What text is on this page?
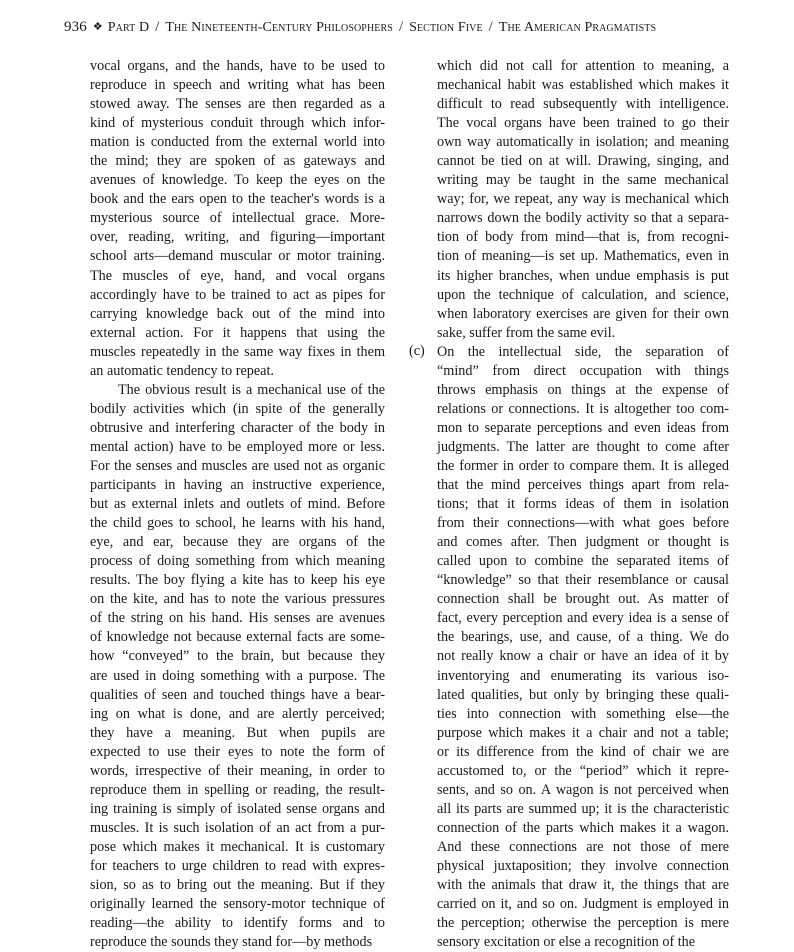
936 ❖ Part D / The Nineteenth-Century Philosophers / Section Five / The American Pragmatists
vocal organs, and the hands, have to be used to
reproduce in speech and writing what has been
stowed away. The senses are then regarded as a
kind of mysterious conduit through which infor-
mation is conducted from the external world into
the mind; they are spoken of as gateways and
avenues of knowledge. To keep the eyes on the
book and the ears open to the teacher's words is a
mysterious source of intellectual grace. More-
over, reading, writing, and figuring—important
school arts—demand muscular or motor training.
The muscles of eye, hand, and vocal organs
accordingly have to be trained to act as pipes for
carrying knowledge back out of the mind into
external action. For it happens that using the
muscles repeatedly in the same way fixes in them
an automatic tendency to repeat.
The obvious result is a mechanical use of the
bodily activities which (in spite of the generally
obtrusive and interfering character of the body in
mental action) have to be employed more or less.
For the senses and muscles are used not as organic
participants in having an instructive experience,
but as external inlets and outlets of mind. Before
the child goes to school, he learns with his hand,
eye, and ear, because they are organs of the
process of doing something from which meaning
results. The boy flying a kite has to keep his eye
on the kite, and has to note the various pressures
of the string on his hand. His senses are avenues
of knowledge not because external facts are some-
how “conveyed” to the brain, but because they
are used in doing something with a purpose. The
qualities of seen and touched things have a bear-
ing on what is done, and are alertly perceived;
they have a meaning. But when pupils are
expected to use their eyes to note the form of
words, irrespective of their meaning, in order to
reproduce them in spelling or reading, the result-
ing training is simply of isolated sense organs and
muscles. It is such isolation of an act from a pur-
pose which makes it mechanical. It is customary
for teachers to urge children to read with expres-
sion, so as to bring out the meaning. But if they
originally learned the sensory-motor technique of
reading—the ability to identify forms and to
reproduce the sounds they stand for—by methods
which did not call for attention to meaning, a
mechanical habit was established which makes it
difficult to read subsequently with intelligence.
The vocal organs have been trained to go their
own way automatically in isolation; and meaning
cannot be tied on at will. Drawing, singing, and
writing may be taught in the same mechanical
way; for, we repeat, any way is mechanical which
narrows down the bodily activity so that a separa-
tion of body from mind—that is, from recogni-
tion of meaning—is set up. Mathematics, even in
its higher branches, when undue emphasis is put
upon the technique of calculation, and science,
when laboratory exercises are given for their own
sake, suffer from the same evil.
(c) On the intellectual side, the separation of
“mind” from direct occupation with things
throws emphasis on things at the expense of
relations or connections. It is altogether too com-
mon to separate perceptions and even ideas from
judgments. The latter are thought to come after
the former in order to compare them. It is alleged
that the mind perceives things apart from rela-
tions; that it forms ideas of them in isolation
from their connections—with what goes before
and comes after. Then judgment or thought is
called upon to combine the separated items of
“knowledge” so that their resemblance or causal
connection shall be brought out. As matter of
fact, every perception and every idea is a sense of
the bearings, use, and cause, of a thing. We do
not really know a chair or have an idea of it by
inventorying and enumerating its various iso-
lated qualities, but only by bringing these quali-
ties into connection with something else—the
purpose which makes it a chair and not a table;
or its difference from the kind of chair we are
accustomed to, or the “period” which it repre-
sents, and so on. A wagon is not perceived when
all its parts are summed up; it is the characteristic
connection of the parts which makes it a wagon.
And these connections are not those of mere
physical juxtaposition; they involve connection
with the animals that draw it, the things that are
carried on it, and so on. Judgment is employed in
the perception; otherwise the perception is mere
sensory excitation or else a recognition of the
